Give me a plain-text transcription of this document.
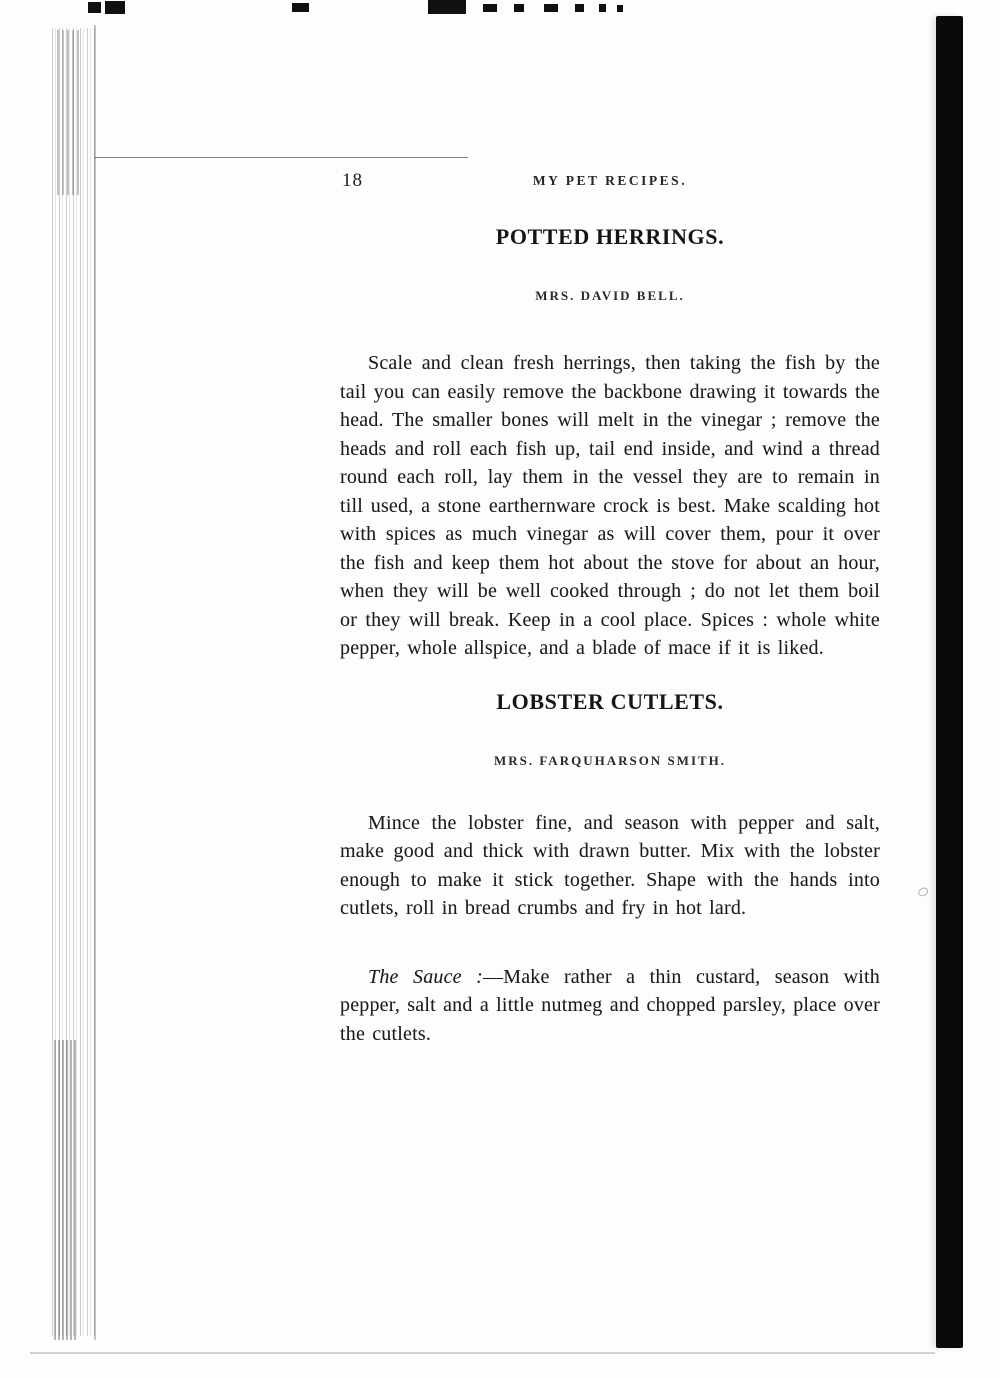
18	MY PET RECIPES.
POTTED HERRINGS.
MRS. DAVID BELL.

Scale and clean fresh herrings, then taking the fish by the tail you can easily remove the backbone drawing it towards the head. The smaller bones will melt in the vinegar ; remove the heads and roll each fish up, tail end inside, and wind a thread round each roll, lay them in the vessel they are to remain in till used, a stone earthernware crock is best. Make scalding hot with spices as much vinegar as will cover them, pour it over the fish and keep them hot about the stove for about an hour, when they will be well cooked through ; do not let them boil or they will break. Keep in a cool place. Spices : whole white pepper, whole allspice, and a blade of mace if it is liked.

LOBSTER CUTLETS.
MRS. FARQUHARSON SMITH.

Mince the lobster fine, and season with pepper and salt, make good and thick with drawn butter. Mix with the lobster enough to make it stick together. Shape with the hands into cutlets, roll in bread crumbs and fry in hot lard.

The Sauce :—Make rather a thin custard, season with pepper, salt and a little nutmeg and chopped parsley, place over the cutlets.
